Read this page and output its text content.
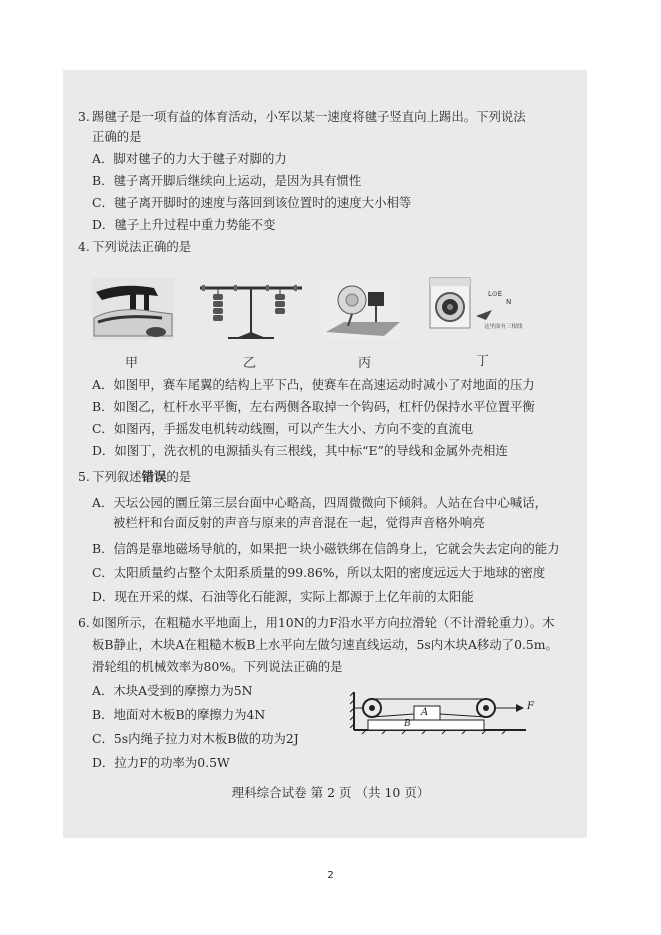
3. 踢毽子是一项有益的体育活动，小军以某一速度将毽子竖直向上踢出。下列说法
正确的是
A．脚对毽子的力大于毽子对脚的力
B．毽子离开脚后继续向上运动，是因为具有惯性
C．毽子离开脚时的速度与落回到该位置时的速度大小相等
D．毽子上升过程中重力势能不变
4. 下列说法正确的是
甲	乙	丙
L⊙E
N
这里面有三根线
丁
A．如图甲，赛车尾翼的结构上平下凸，使赛车在高速运动时减小了对地面的压力
B．如图乙，杠杆水平平衡，左右两侧各取掉一个钩码，杠杆仍保持水平位置平衡
C．如图丙，手摇发电机转动线圈，可以产生大小、方向不变的直流电
D．如图丁，洗衣机的电源插头有三根线，其中标“E”的导线和金属外壳相连
5. 下列叙述错误的是
A．天坛公园的圜丘第三层台面中心略高，四周微微向下倾斜。人站在台中心喊话，
被栏杆和台面反射的声音与原来的声音混在一起，觉得声音格外响亮
B．信鸽是靠地磁场导航的，如果把一块小磁铁绑在信鸽身上，它就会失去定向的能力
C．太阳质量约占整个太阳系质量的99.86%，所以太阳的密度远远大于地球的密度
D．现在开采的煤、石油等化石能源，实际上都源于上亿年前的太阳能
6. 如图所示，在粗糙水平地面上，用10N的力F沿水平方向拉滑轮（不计滑轮重力）。木
板B静止，木块A在粗糙木板B上水平向左做匀速直线运动，5s内木块A移动了0.5m。
滑轮组的机械效率为80%。下列说法正确的是
A．木块A受到的摩擦力为5N
B．地面对木板B的摩擦力为4N
C．5s内绳子拉力对木板B做的功为2J
D．拉力F的功率为0.5W
A
B
F
理科综合试卷 第 2 页 （共 10 页）
2
